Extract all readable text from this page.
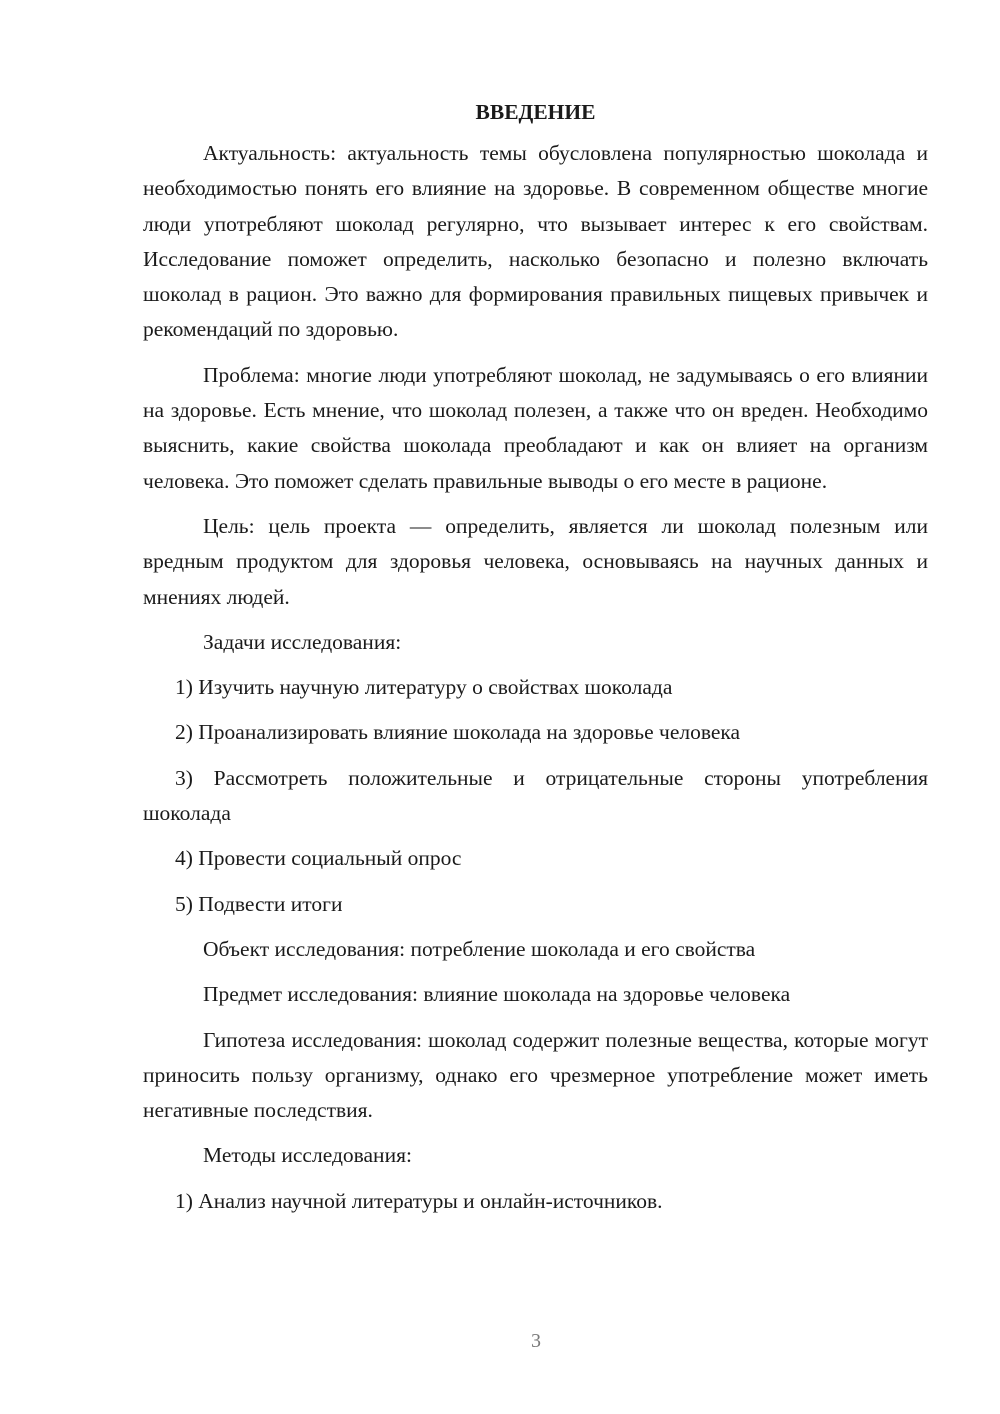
ВВЕДЕНИЕ

Актуальность: актуальность темы обусловлена популярностью шоколада и необходимостью понять его влияние на здоровье. В современном обществе многие люди употребляют шоколад регулярно, что вызывает интерес к его свойствам. Исследование поможет определить, насколько безопасно и полезно включать шоколад в рацион. Это важно для формирования правильных пищевых привычек и рекомендаций по здоровью.

Проблема: многие люди употребляют шоколад, не задумываясь о его влиянии на здоровье. Есть мнение, что шоколад полезен, а также что он вреден. Необходимо выяснить, какие свойства шоколада преобладают и как он влияет на организм человека. Это поможет сделать правильные выводы о его месте в рационе.

Цель: цель проекта — определить, является ли шоколад полезным или вредным продуктом для здоровья человека, основываясь на научных данных и мнениях людей.

Задачи исследования:

1) Изучить научную литературу о свойствах шоколада

2) Проанализировать влияние шоколада на здоровье человека

3) Рассмотреть положительные и отрицательные стороны употребления шоколада

4) Провести социальный опрос

5) Подвести итоги

Объект исследования: потребление шоколада и его свойства

Предмет исследования: влияние шоколада на здоровье человека

Гипотеза исследования: шоколад содержит полезные вещества, которые могут приносить пользу организму, однако его чрезмерное употребление может иметь негативные последствия.

Методы исследования:

1) Анализ научной литературы и онлайн-источников.

3
